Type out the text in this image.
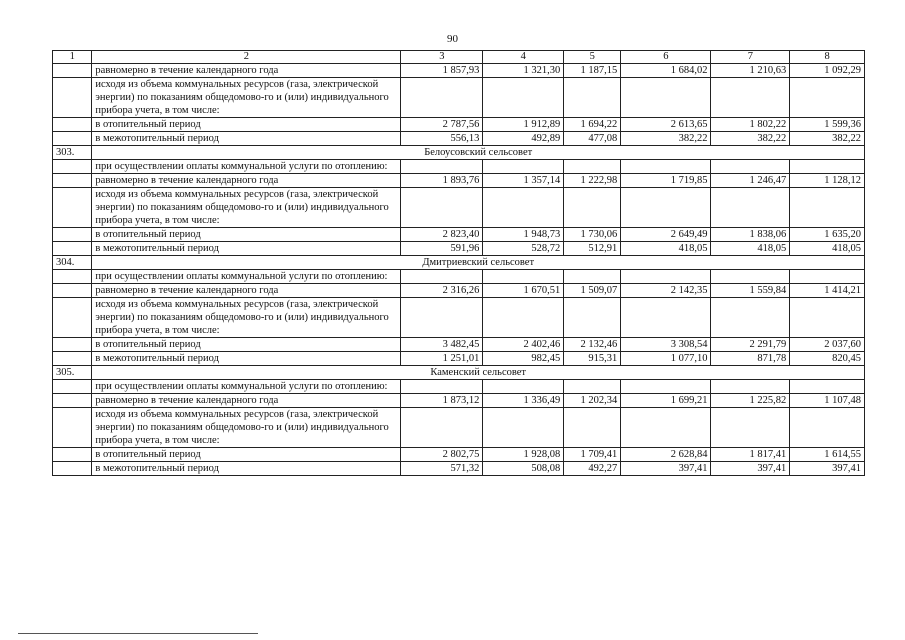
90
1	2	3	4	5	6	7	8
	равномерно в течение календарного года	1 857,93	1 321,30	1 187,15	1 684,02	1 210,63	1 092,29
	исходя из объема коммунальных ресурсов (газа, электрической энергии) по показаниям общедомово-го и (или) индивидуального прибора учета, в том числе:						
	в отопительный период	2 787,56	1 912,89	1 694,22	2 613,65	1 802,22	1 599,36
	в межотопительный период	556,13	492,89	477,08	382,22	382,22	382,22
303.	Белоусовский сельсовет						
	при осуществлении оплаты коммунальной услуги по отоплению:						
	равномерно в течение календарного года	1 893,76	1 357,14	1 222,98	1 719,85	1 246,47	1 128,12
	исходя из объема коммунальных ресурсов (газа, электрической энергии) по показаниям общедомово-го и (или) индивидуального прибора учета, в том числе:						
	в отопительный период	2 823,40	1 948,73	1 730,06	2 649,49	1 838,06	1 635,20
	в межотопительный период	591,96	528,72	512,91	418,05	418,05	418,05
304.	Дмитриевский сельсовет						
	при осуществлении оплаты коммунальной услуги по отоплению:						
	равномерно в течение календарного года	2 316,26	1 670,51	1 509,07	2 142,35	1 559,84	1 414,21
	исходя из объема коммунальных ресурсов (газа, электрической энергии) по показаниям общедомово-го и (или) индивидуального прибора учета, в том числе:						
	в отопительный период	3 482,45	2 402,46	2 132,46	3 308,54	2 291,79	2 037,60
	в межотопительный период	1 251,01	982,45	915,31	1 077,10	871,78	820,45
305.	Каменский сельсовет						
	при осуществлении оплаты коммунальной услуги по отоплению:						
	равномерно в течение календарного года	1 873,12	1 336,49	1 202,34	1 699,21	1 225,82	1 107,48
	исходя из объема коммунальных ресурсов (газа, электрической энергии) по показаниям общедомово-го и (или) индивидуального прибора учета, в том числе:						
	в отопительный период	2 802,75	1 928,08	1 709,41	2 628,84	1 817,41	1 614,55
	в межотопительный период	571,32	508,08	492,27	397,41	397,41	397,41
